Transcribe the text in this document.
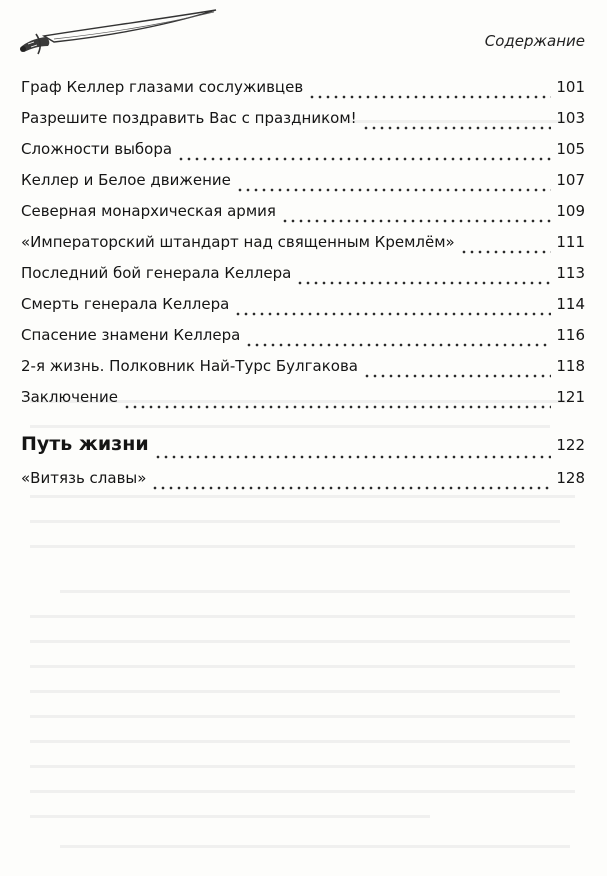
Содержание
Граф Келлер глазами сослуживцев	101
Разрешите поздравить Вас с праздником!	103
Сложности выбора	105
Келлер и Белое движение	107
Северная монархическая армия	109
«Императорский штандарт над священным Кремлём»	111
Последний бой генерала Келлера	113
Смерть генерала Келлера	114
Спасение знамени Келлера	116
2-я жизнь. Полковник Най-Турс Булгакова	118
Заключение	121
Путь жизни	122
«Витязь славы»	128
